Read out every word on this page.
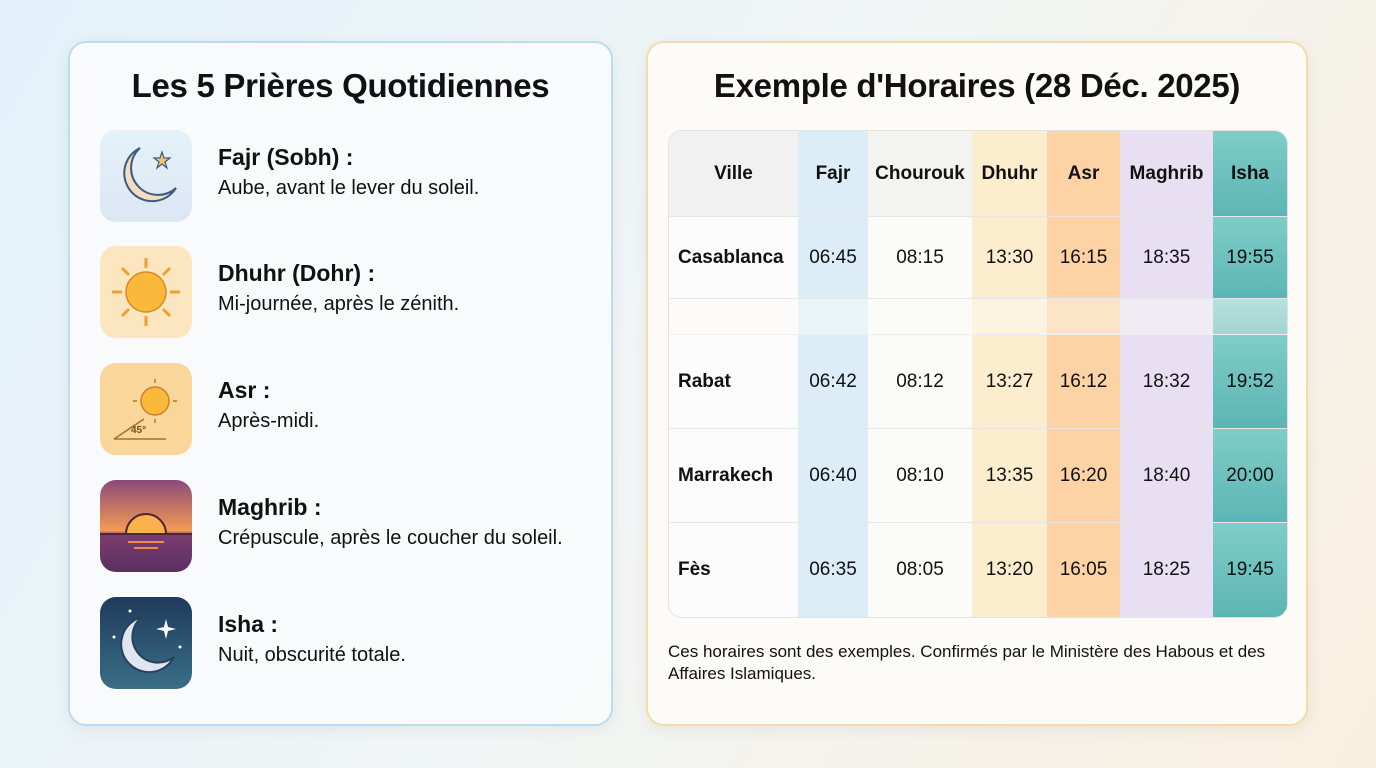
Les 5 Prières Quotidiennes
Fajr (Sobh) :
Aube, avant le lever du soleil.
Dhuhr (Dohr) :
Mi-journée, après le zénith.
45°
Asr :
Après-midi.
Maghrib :
Crépuscule, après le coucher du soleil.
Isha :
Nuit, obscurité totale.
Exemple d'Horaires (28 Déc. 2025)
Ville	Fajr	Chourouk	Dhuhr	Asr	Maghrib	Isha
Casablanca	06:45	08:15	13:30	16:15	18:35	19:55

Rabat	06:42	08:12	13:27	16:12	18:32	19:52
Marrakech	06:40	08:10	13:35	16:20	18:40	20:00
Fès	06:35	08:05	13:20	16:05	18:25	19:45

Ces horaires sont des exemples. Confirmés par le Ministère des Habous et des Affaires Islamiques.
